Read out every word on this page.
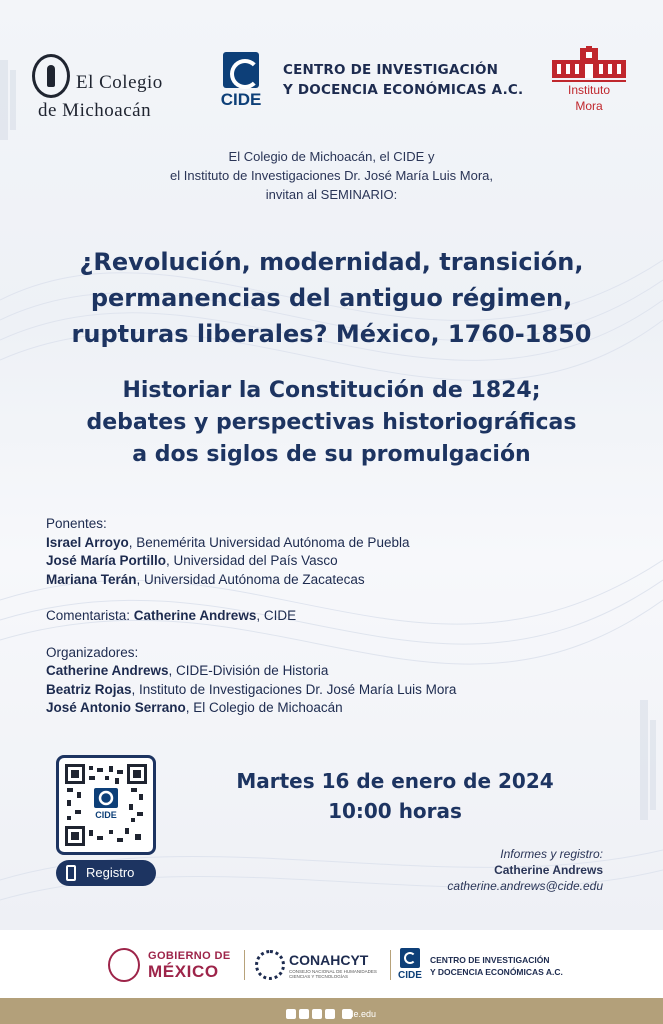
El Colegio
de Michoacán
CIDE
CENTRO DE INVESTIGACIÓN
Y DOCENCIA ECONÓMICAS A.C.	Instituto
Mora
El Colegio de Michoacán, el CIDE y
el Instituto de Investigaciones Dr. José María Luis Mora,
invitan al SEMINARIO:
¿Revolución, modernidad, transición,
permanencias del antiguo régimen,
rupturas liberales? México, 1760-1850
Historiar la Constitución de 1824;
debates y perspectivas historiográficas
a dos siglos de su promulgación
Ponentes:
Israel Arroyo, Benemérita Universidad Autónoma de Puebla
José María Portillo, Universidad del País Vasco
Mariana Terán, Universidad Autónoma de Zacatecas
Comentarista: Catherine Andrews, CIDE
Organizadores:
Catherine Andrews, CIDE-División de Historia
Beatriz Rojas, Instituto de Investigaciones Dr. José María Luis Mora
José Antonio Serrano, El Colegio de Michoacán
CIDE
Registro
Martes 16 de enero de 2024
10:00 horas
Informes y registro:
Catherine Andrews
catherine.andrews@cide.edu
GOBIERNO DE
MÉXICO
CONAHCYT
CONSEJO NACIONAL DE HUMANIDADES CIENCIAS Y TECNOLOGÍAS	CIDE
CENTRO DE INVESTIGACIÓN
Y DOCENCIA ECONÓMICAS A.C.
cide.edu
